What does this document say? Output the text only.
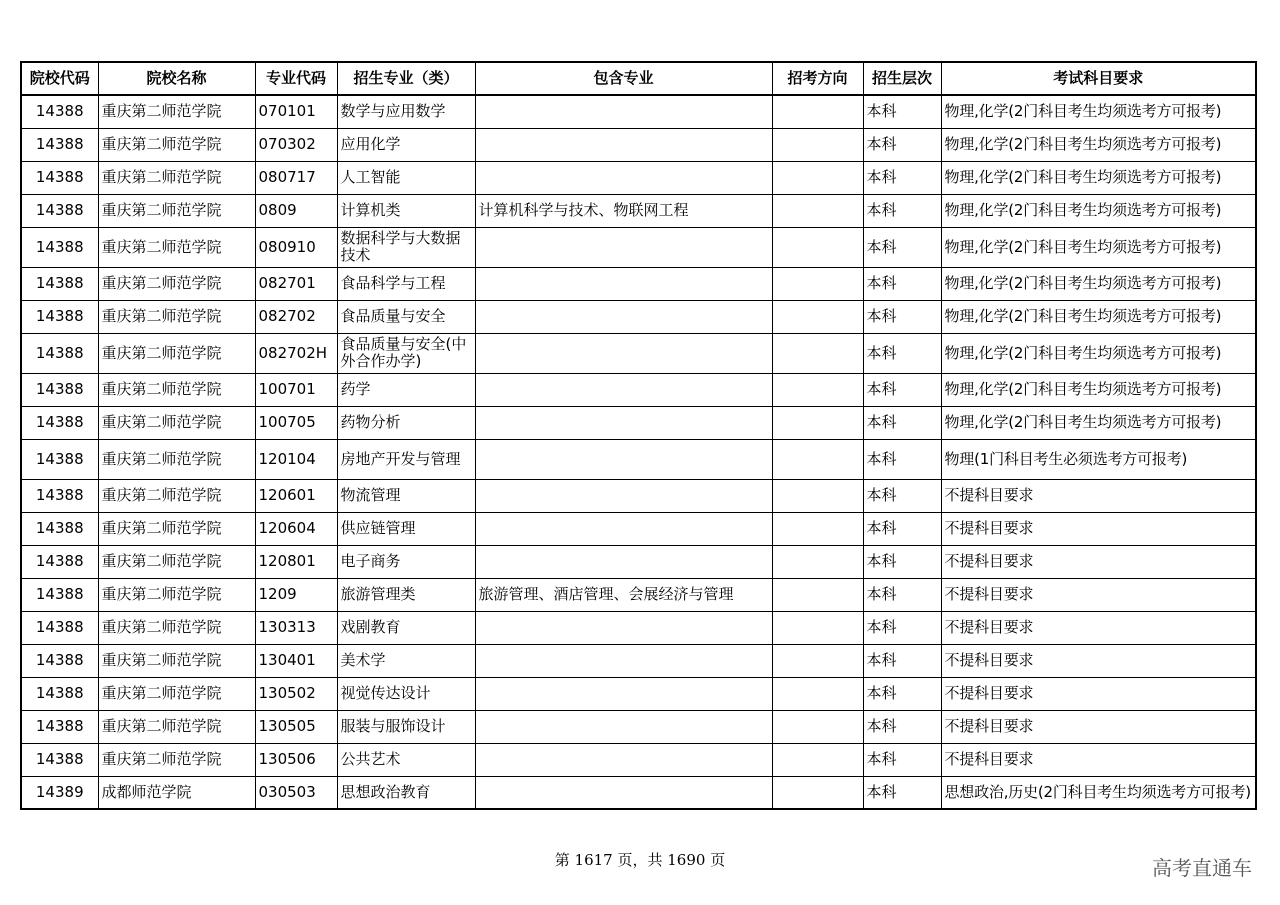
院校代码	院校名称	专业代码	招生专业（类）	包含专业	招考方向	招生层次	考试科目要求
14388	重庆第二师范学院	070101	数学与应用数学			本科	物理,化学(2门科目考生均须选考方可报考)
14388	重庆第二师范学院	070302	应用化学			本科	物理,化学(2门科目考生均须选考方可报考)
14388	重庆第二师范学院	080717	人工智能			本科	物理,化学(2门科目考生均须选考方可报考)
14388	重庆第二师范学院	0809	计算机类	计算机科学与技术、物联网工程		本科	物理,化学(2门科目考生均须选考方可报考)
14388	重庆第二师范学院	080910	数据科学与大数据技术			本科	物理,化学(2门科目考生均须选考方可报考)
14388	重庆第二师范学院	082701	食品科学与工程			本科	物理,化学(2门科目考生均须选考方可报考)
14388	重庆第二师范学院	082702	食品质量与安全			本科	物理,化学(2门科目考生均须选考方可报考)
14388	重庆第二师范学院	082702H	食品质量与安全(中外合作办学)			本科	物理,化学(2门科目考生均须选考方可报考)
14388	重庆第二师范学院	100701	药学			本科	物理,化学(2门科目考生均须选考方可报考)
14388	重庆第二师范学院	100705	药物分析			本科	物理,化学(2门科目考生均须选考方可报考)
14388	重庆第二师范学院	120104	房地产开发与管理			本科	物理(1门科目考生必须选考方可报考)
14388	重庆第二师范学院	120601	物流管理			本科	不提科目要求
14388	重庆第二师范学院	120604	供应链管理			本科	不提科目要求
14388	重庆第二师范学院	120801	电子商务			本科	不提科目要求
14388	重庆第二师范学院	1209	旅游管理类	旅游管理、酒店管理、会展经济与管理		本科	不提科目要求
14388	重庆第二师范学院	130313	戏剧教育			本科	不提科目要求
14388	重庆第二师范学院	130401	美术学			本科	不提科目要求
14388	重庆第二师范学院	130502	视觉传达设计			本科	不提科目要求
14388	重庆第二师范学院	130505	服装与服饰设计			本科	不提科目要求
14388	重庆第二师范学院	130506	公共艺术			本科	不提科目要求
14389	成都师范学院	030503	思想政治教育			本科	思想政治,历史(2门科目考生均须选考方可报考)
第 1617 页，共 1690 页	高考直通车
